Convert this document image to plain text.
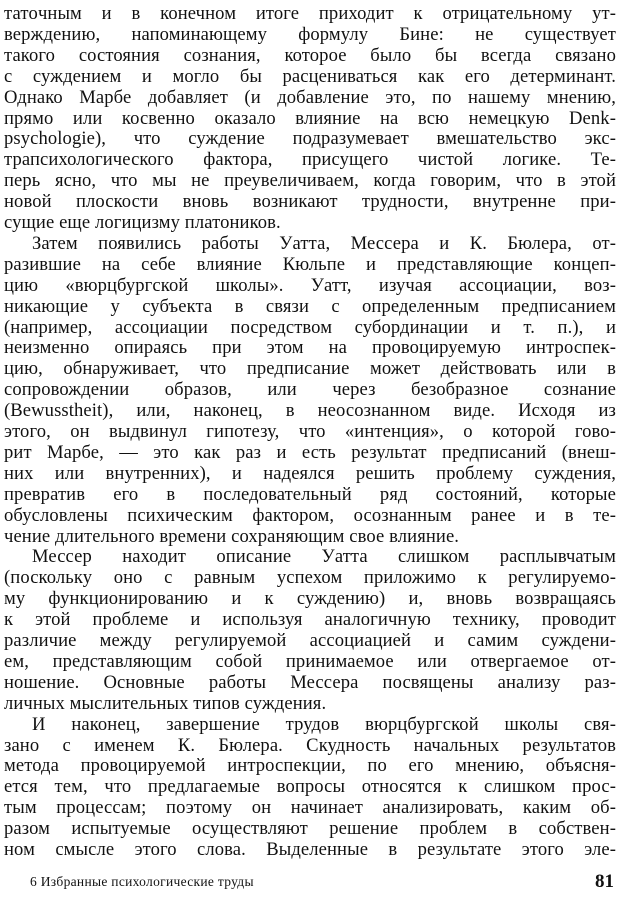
татoчным и в конечном итоге приходит к отрицательному ут-
верждению, напоминающему формулу Бине: не существует
такого состояния сознания, которое было бы всегда связано
с суждением и могло бы расцениваться как его детерминант.
Однако Марбе добавляет (и добавление это, по нашему мнению,
прямо или косвенно оказало влияние на всю немецкую Denk-
psychologie), что суждение подразумевает вмешательство экс-
трапсихологического фактора, присущего чистой логике. Те-
перь ясно, что мы не преувеличиваем, когда говорим, что в этой
новой плоскости вновь возникают трудности, внутренне при-
сущие еще логицизму платоников.
Затем появились работы Уатта, Мессера и К. Бюлера, от-
разившие на себе влияние Кюльпе и представляющие концеп-
цию «вюрцбургской школы». Уатт, изучая ассоциации, воз-
никающие у субъекта в связи с определенным предписанием
(например, ассоциации посредством субординации и т. п.), и
неизменно опираясь при этом на провоцируемую интроспек-
цию, обнаруживает, что предписание может действовать или в
сопровождении образов, или через безобразное сознание
(Bewusstheit), или, наконец, в неосознанном виде. Исходя из
этого, он выдвинул гипотезу, что «интенция», о которой гово-
рит Марбе, — это как раз и есть результат предписаний (внеш-
них или внутренних), и надеялся решить проблему суждения,
превратив его в последовательный ряд состояний, которые
обусловлены психическим фактором, осознанным ранее и в те-
чение длительного времени сохраняющим свое влияние.
Мессер находит описание Уатта слишком расплывчатым
(поскольку оно с равным успехом приложимо к регулируемо-
му функционированию и к суждению) и, вновь возвращаясь
к этой проблеме и используя аналогичную технику, проводит
различие между регулируемой ассоциацией и самим суждени-
ем, представляющим собой принимаемое или отвергаемое от-
ношение. Основные работы Мессера посвящены анализу раз-
личных мыслительных типов суждения.
И наконец, завершение трудов вюрцбургской школы свя-
зано с именем К. Бюлера. Скудность начальных результатов
метода провоцируемой интроспекции, по его мнению, объясня-
ется тем, что предлагаемые вопросы относятся к слишком прос-
тым процессам; поэтому он начинает анализировать, каким об-
разом испытуемые осуществляют решение проблем в собствен-
ном смысле этого слова. Выделенные в результате этого эле-
6 Избранные психологические труды	81
